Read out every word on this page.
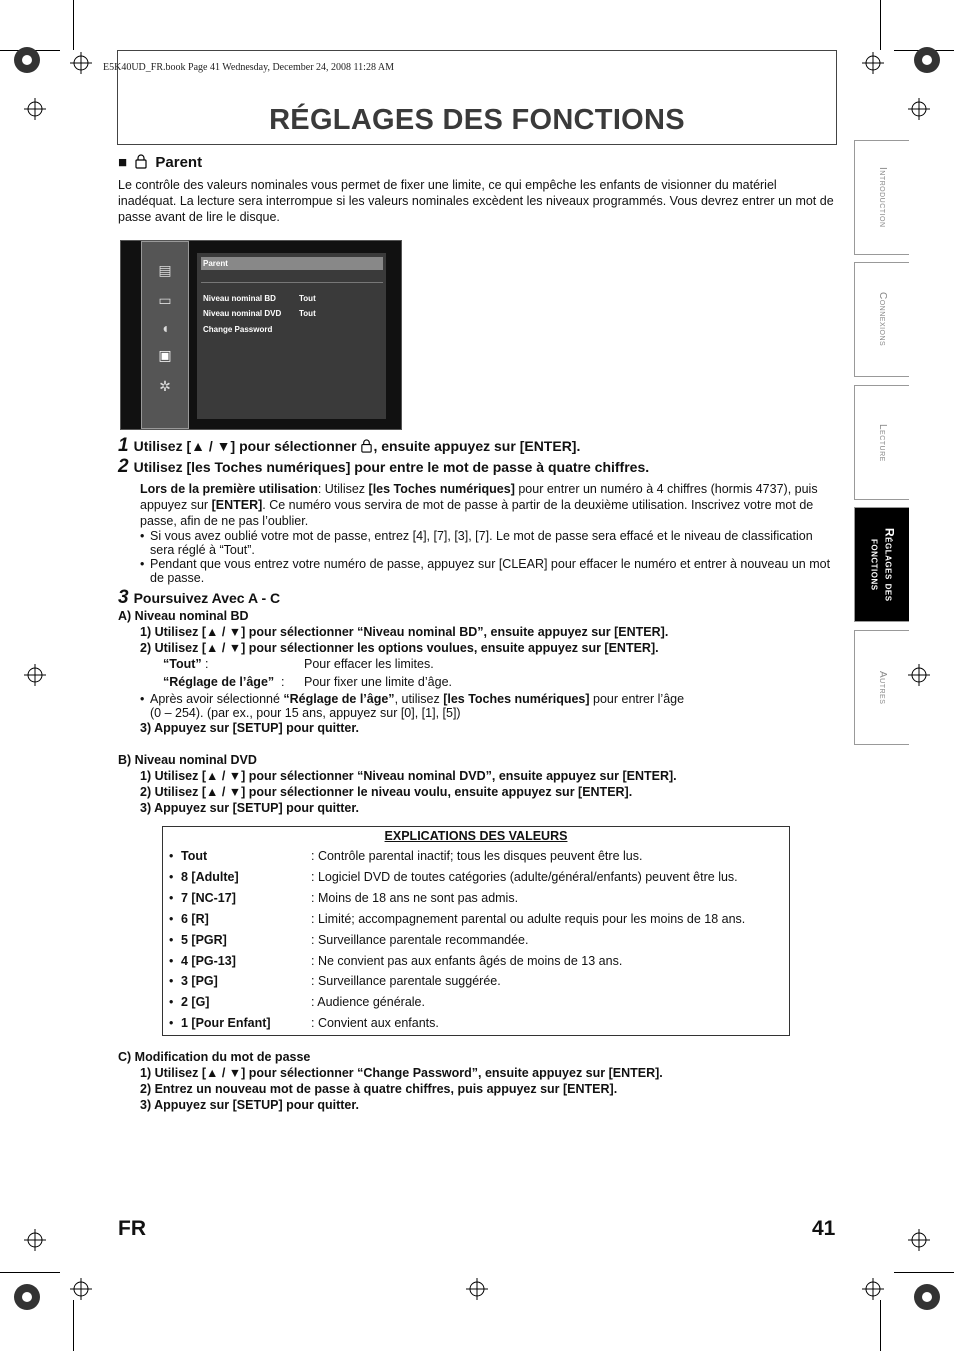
E5K40UD_FR.book Page 41 Wednesday, December 24, 2008 11:28 AM
RÉGLAGES DES FONCTIONS
■ Parent
Le contrôle des valeurs nominales vous permet de fixer une limite, ce qui empêche les enfants de visionner du matériel inadéquat. La lecture sera interrompue si les valeurs nominales excèdent les niveaux programmés. Vous devrez entrer un mot de passe avant de lire le disque.
▤
▭
◖
▣
✲
Parent
Niveau nominal BD	Tout
Niveau nominal DVD Tout
Change Password
1 Utilisez [▲ / ▼] pour sélectionner , ensuite appuyez sur [ENTER].
2 Utilisez [les Toches numériques] pour entre le mot de passe à quatre chiffres.
Lors de la première utilisation: Utilisez [les Toches numériques] pour entrer un numéro à 4 chiffres (hormis 4737), puis appuyez sur [ENTER]. Ce numéro vous servira de mot de passe à partir de la deuxième utilisation. Inscrivez votre mot de passe, afin de ne pas l’oublier.
• Si vous avez oublié votre mot de passe, entrez [4], [7], [3], [7]. Le mot de passe sera effacé et le niveau de classification sera réglé à “Tout”.
• Pendant que vous entrez votre numéro de passe, appuyez sur [CLEAR] pour effacer le numéro et entrer à nouveau un mot de passe.
3 Poursuivez Avec A - C
A) Niveau nominal BD
1) Utilisez [▲ / ▼] pour sélectionner “Niveau nominal BD”, ensuite appuyez sur [ENTER].
2) Utilisez [▲ / ▼] pour sélectionner les options voulues, ensuite appuyez sur [ENTER].
“Tout” :	Pour effacer les limites.
“Réglage de l’âge” : Pour fixer une limite d’âge.
• Après avoir sélectionné “Réglage de l’âge”, utilisez [les Toches numériques] pour entrer l’âge
(0 – 254). (par ex., pour 15 ans, appuyez sur [0], [1], [5])
3) Appuyez sur [SETUP] pour quitter.
B) Niveau nominal DVD
1) Utilisez [▲ / ▼] pour sélectionner “Niveau nominal DVD”, ensuite appuyez sur [ENTER].
2) Utilisez [▲ / ▼] pour sélectionner le niveau voulu, ensuite appuyez sur [ENTER].
3) Appuyez sur [SETUP] pour quitter.
EXPLICATIONS DES VALEURS
• Tout	: Contrôle parental inactif; tous les disques peuvent être lus.
• 8 [Adulte]	: Logiciel DVD de toutes catégories (adulte/général/enfants) peuvent être lus.
• 7 [NC-17]	: Moins de 18 ans ne sont pas admis.
• 6 [R]	: Limité; accompagnement parental ou adulte requis pour les moins de 18 ans.
• 5 [PGR]	: Surveillance parentale recommandée.
• 4 [PG-13]	: Ne convient pas aux enfants âgés de moins de 13 ans.
• 3 [PG]	: Surveillance parentale suggérée.
• 2 [G]	: Audience générale.
• 1 [Pour Enfant]	: Convient aux enfants.
C) Modification du mot de passe
1) Utilisez [▲ / ▼] pour sélectionner “Change Password”, ensuite appuyez sur [ENTER].
2) Entrez un nouveau mot de passe à quatre chiffres, puis appuyez sur [ENTER].
3) Appuyez sur [SETUP] pour quitter.
Introduction
Connexions
Lecture
Réglages des fonctions
Autres
FR	41
